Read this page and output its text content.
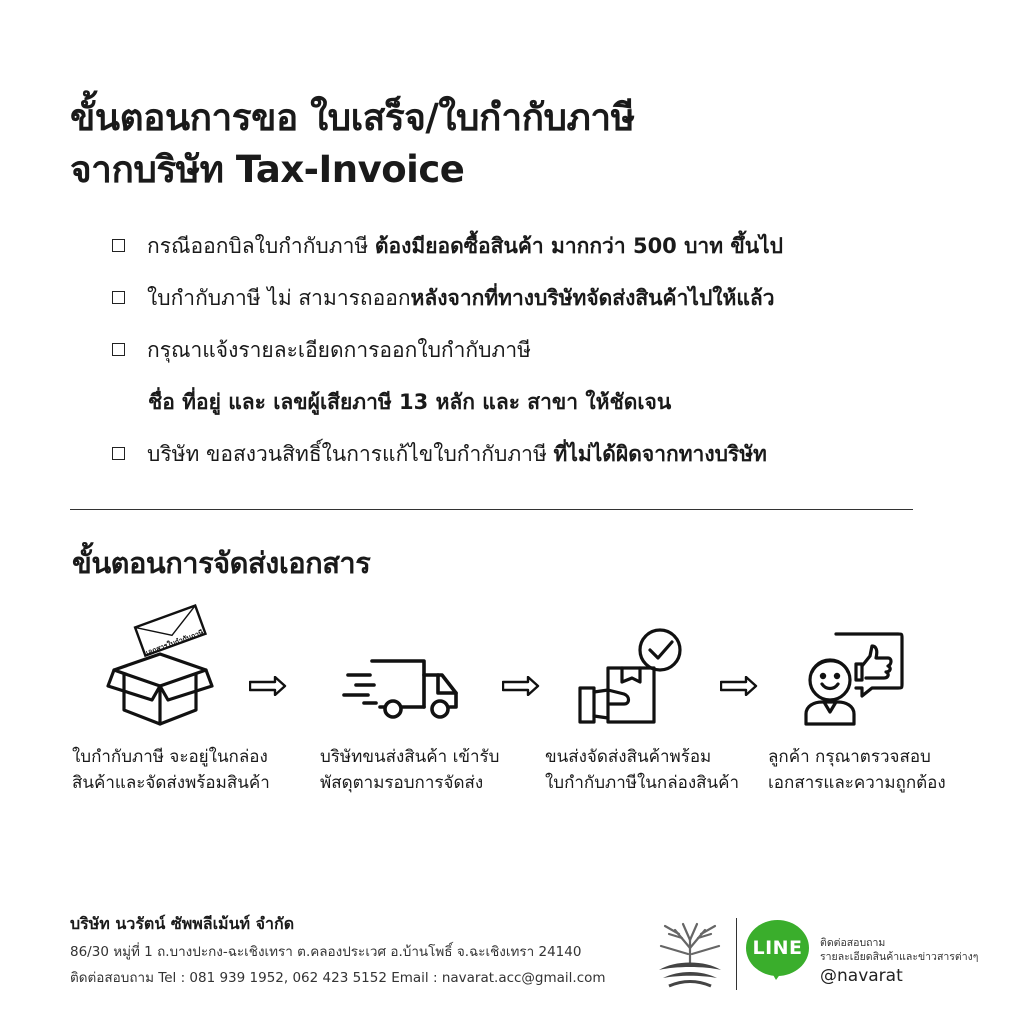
ขั้นตอนการขอ ใบเสร็จ/ใบกำกับภาษี
จากบริษัท Tax-Invoice
กรณีออกบิลใบกำกับภาษี ต้องมียอดซื้อสินค้า มากกว่า 500 บาท ขึ้นไป
ใบกำกับภาษี ไม่ สามารถออกหลังจากที่ทางบริษัทจัดส่งสินค้าไปให้แล้ว
กรุณาแจ้งรายละเอียดการออกใบกำกับภาษี
ชื่อ ที่อยู่ และ เลขผู้เสียภาษี 13 หลัก และ สาขา ให้ชัดเจน
บริษัท ขอสงวนสิทธิ์ในการแก้ไขใบกำกับภาษี ที่ไม่ได้ผิดจากทางบริษัท
ขั้นตอนการจัดส่งเอกสาร
เอกสารใบกำกับภาษี
ใบกำกับภาษี จะอยู่ในกล่อง
สินค้าและจัดส่งพร้อมสินค้า
บริษัทขนส่งสินค้า เข้ารับ
พัสดุตามรอบการจัดส่ง
ขนส่งจัดส่งสินค้าพร้อม
ใบกำกับภาษีในกล่องสินค้า
ลูกค้า กรุณาตรวจสอบ
เอกสารและความถูกต้อง
บริษัท นวรัตน์ ซัพพลีเม้นท์ จำกัด
86/30 หมู่ที่ 1 ถ.บางปะกง-ฉะเชิงเทรา ต.คลองประเวศ อ.บ้านโพธิ์ จ.ฉะเชิงเทรา 24140
ติดต่อสอบถาม Tel : 081 939 1952, 062 423 5152 Email : navarat.acc@gmail.com
LINE	ติดต่อสอบถาม
รายละเอียดสินค้าและข่าวสารต่างๆ
@navarat
